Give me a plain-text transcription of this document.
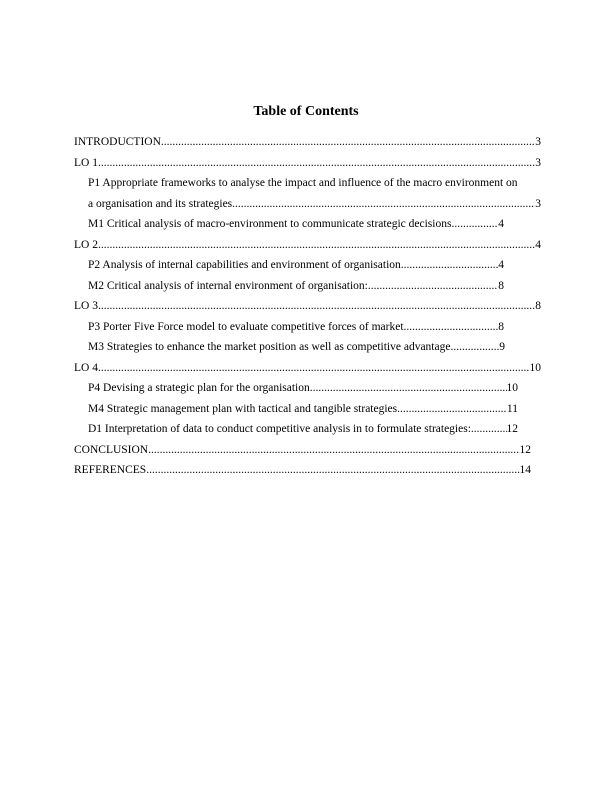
Table of Contents
INTRODUCTION .....	3
LO 1 .....	3
P1 Appropriate frameworks to analyse the impact and influence of the macro environment on
a organisation and its strategies .....	3
M1 Critical analysis of macro-environment to communicate strategic decisions .....	4
LO 2 .....	4
P2 Analysis of internal capabilities and environment of organisation .....	4
M2 Critical analysis of internal environment of organisation: .....	8
LO 3 .....	8
P3 Porter Five Force model to evaluate competitive forces of market .....	8
M3 Strategies to enhance the market position as well as competitive advantage .....	9
LO 4 .....	10
P4 Devising a strategic plan for the organisation .....	10
M4 Strategic management plan with tactical and tangible strategies .....	11
D1 Interpretation of data to conduct competitive analysis in to formulate strategies: .....	12
CONCLUSION .....	12
REFERENCES .....	14
